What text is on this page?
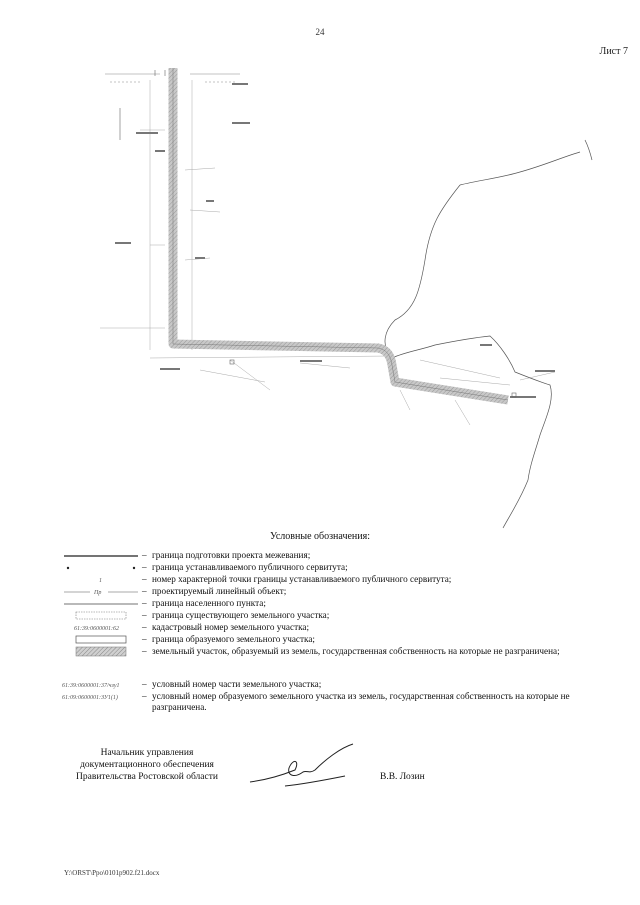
24
Лист 7
Условные обозначения:
– граница подготовки проекта межевания;
– граница устанавливаемого публичного сервитута;
1	– номер характерной точки границы устанавливаемого публичного сервитута;
Пр	– проектируемый линейный объект;
– граница населенного пункта;
– граница существующего земельного участка;
61:39:0600001:62	– кадастровый номер земельного участка;
– граница образуемого земельного участка;
– земельный участок, образуемый из земель, государственная собственность на которые не разграничена;
61:39:0600001:37/чзу1 – условный номер части земельного участка;
61:09:0600001:ЗУ1(1)	– условный номер образуемого земельного участка из земель, государственная собственность на которые не разграничена.
Начальник управления документационного обеспечения Правительства Ростовской области	В.В. Лозин
Y:\ORST\Ppo\0101p902.f21.docx
